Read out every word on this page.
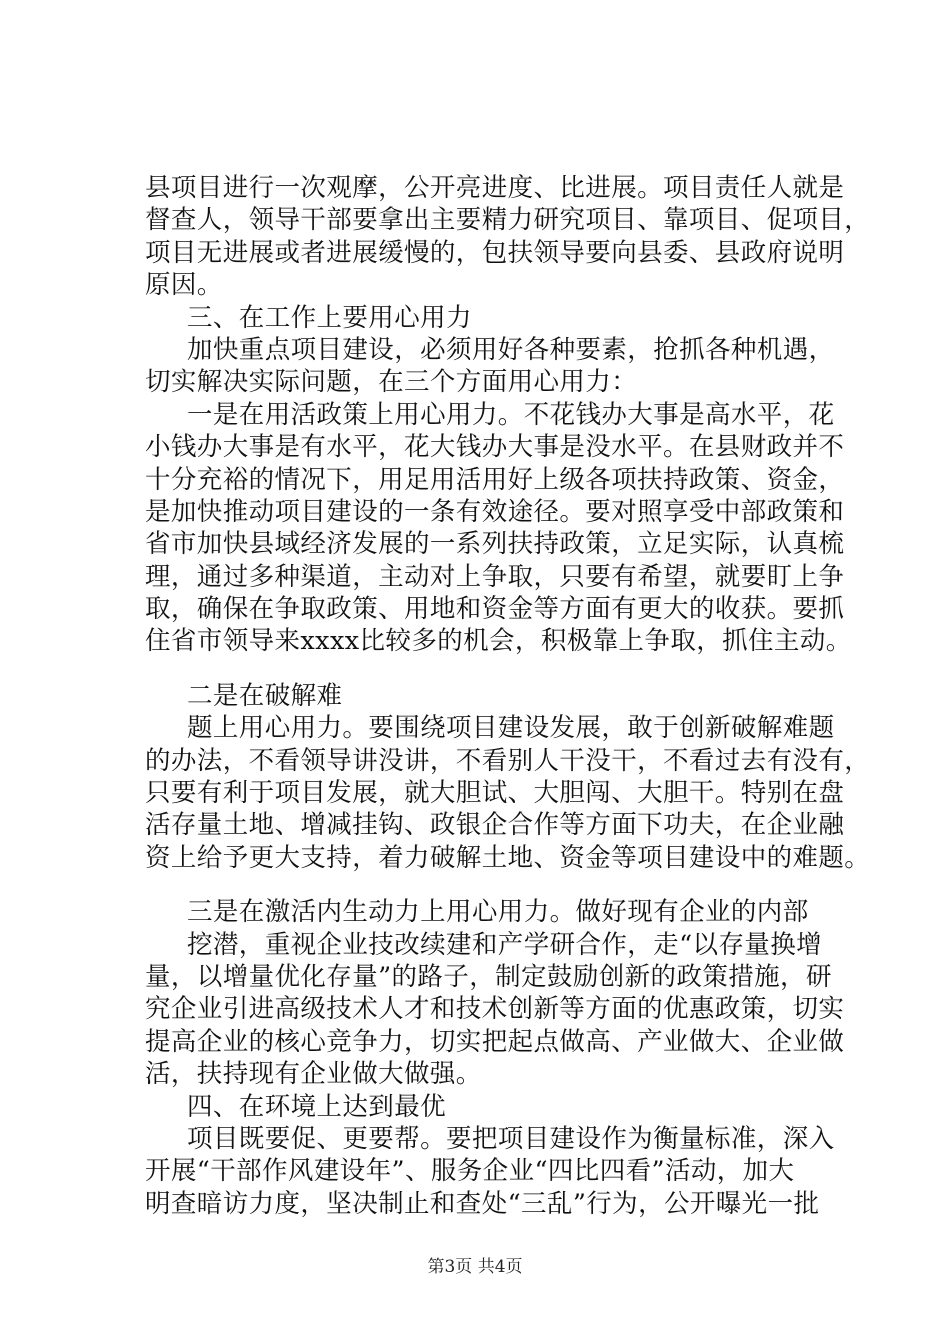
县项目进行一次观摩，公开亮进度、比进展。项目责任人就是
督查人，领导干部要拿出主要精力研究项目、靠项目、促项目，
项目无进展或者进展缓慢的，包扶领导要向县委、县政府说明
原因。
三、在工作上要用心用力
加快重点项目建设，必须用好各种要素，抢抓各种机遇，
切实解决实际问题，在三个方面用心用力：
一是在用活政策上用心用力。不花钱办大事是高水平，花
小钱办大事是有水平，花大钱办大事是没水平。在县财政并不
十分充裕的情况下，用足用活用好上级各项扶持政策、资金，
是加快推动项目建设的一条有效途径。要对照享受中部政策和
省市加快县域经济发展的一系列扶持政策，立足实际，认真梳
理，通过多种渠道，主动对上争取，只要有希望，就要盯上争
取，确保在争取政策、用地和资金等方面有更大的收获。要抓
住省市领导来xxxx比较多的机会，积极靠上争取，抓住主动。
二是在破解难
题上用心用力。要围绕项目建设发展，敢于创新破解难题
的办法，不看领导讲没讲，不看别人干没干，不看过去有没有，
只要有利于项目发展，就大胆试、大胆闯、大胆干。特别在盘
活存量土地、增减挂钩、政银企合作等方面下功夫，在企业融
资上给予更大支持，着力破解土地、资金等项目建设中的难题。
三是在激活内生动力上用心用力。做好现有企业的内部
挖潜，重视企业技改续建和产学研合作，走“以存量换增
量，以增量优化存量”的路子，制定鼓励创新的政策措施，研
究企业引进高级技术人才和技术创新等方面的优惠政策，切实
提高企业的核心竞争力，切实把起点做高、产业做大、企业做
活，扶持现有企业做大做强。
四、在环境上达到最优
项目既要促、更要帮。要把项目建设作为衡量标准，深入
开展“干部作风建设年”、服务企业“四比四看”活动，加大
明查暗访力度，坚决制止和查处“三乱”行为，公开曝光一批
第3页 共4页
